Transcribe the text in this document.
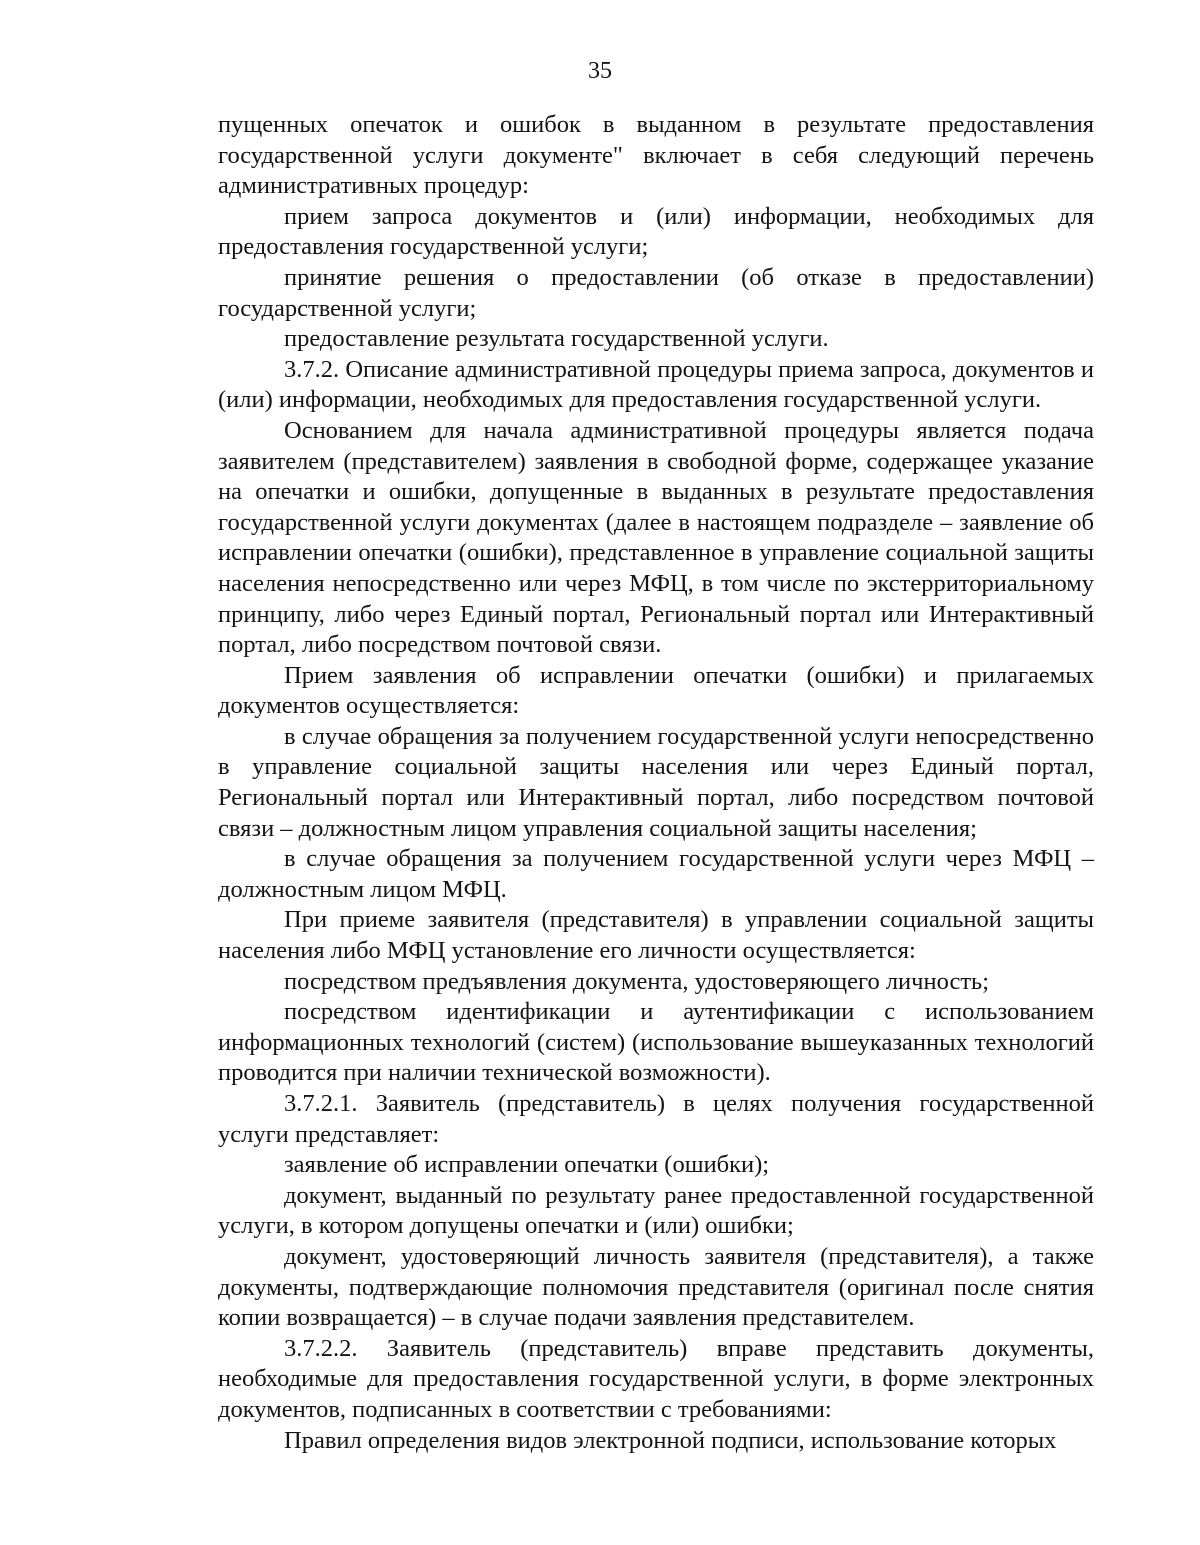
35

пущенных опечаток и ошибок в выданном в результате предоставления государственной услуги документе" включает в себя следующий перечень административных процедур:

прием запроса документов и (или) информации, необходимых для предоставления государственной услуги;

принятие решения о предоставлении (об отказе в предоставлении) государственной услуги;

предоставление результата государственной услуги.

3.7.2. Описание административной процедуры приема запроса, документов и (или) информации, необходимых для предоставления государственной услуги.

Основанием для начала административной процедуры является подача заявителем (представителем) заявления в свободной форме, содержащее указание на опечатки и ошибки, допущенные в выданных в результате предоставления государственной услуги документах (далее в настоящем подразделе – заявление об исправлении опечатки (ошибки), представленное в управление социальной защиты населения непосредственно или через МФЦ, в том числе по экстерриториальному принципу, либо через Единый портал, Региональный портал или Интерактивный портал, либо посредством почтовой связи.

Прием заявления об исправлении опечатки (ошибки) и прилагаемых документов осуществляется:

в случае обращения за получением государственной услуги непосредственно в управление социальной защиты населения или через Единый портал, Региональный портал или Интерактивный портал, либо посредством почтовой связи – должностным лицом управления социальной защиты населения;

в случае обращения за получением государственной услуги через МФЦ – должностным лицом МФЦ.

При приеме заявителя (представителя) в управлении социальной защиты населения либо МФЦ установление его личности осуществляется:

посредством предъявления документа, удостоверяющего личность;

посредством идентификации и аутентификации с использованием информационных технологий (систем) (использование вышеуказанных технологий проводится при наличии технической возможности).

3.7.2.1. Заявитель (представитель) в целях получения государственной услуги представляет:

заявление об исправлении опечатки (ошибки);

документ, выданный по результату ранее предоставленной государственной услуги, в котором допущены опечатки и (или) ошибки;

документ, удостоверяющий личность заявителя (представителя), а также документы, подтверждающие полномочия представителя (оригинал после снятия копии возвращается) – в случае подачи заявления представителем.

3.7.2.2. Заявитель (представитель) вправе представить документы, необходимые для предоставления государственной услуги, в форме электронных документов, подписанных в соответствии с требованиями:

Правил определения видов электронной подписи, использование которых
